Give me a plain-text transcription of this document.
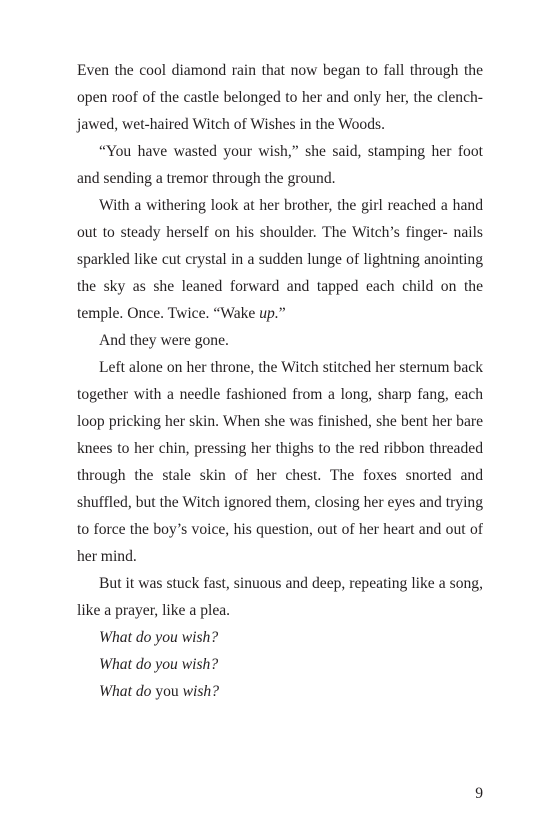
Even the cool diamond rain that now began to fall through the open roof of the castle belonged to her and only her, the clench-jawed, wet-haired Witch of Wishes in the Woods.

“You have wasted your wish,” she said, stamping her foot and sending a tremor through the ground.

With a withering look at her brother, the girl reached a hand out to steady herself on his shoulder. The Witch’s finger- nails sparkled like cut crystal in a sudden lunge of lightning anointing the sky as she leaned forward and tapped each child on the temple. Once. Twice. “Wake up.”

And they were gone.

Left alone on her throne, the Witch stitched her sternum back together with a needle fashioned from a long, sharp fang, each loop pricking her skin. When she was finished, she bent her bare knees to her chin, pressing her thighs to the red ribbon threaded through the stale skin of her chest. The foxes snorted and shuffled, but the Witch ignored them, closing her eyes and trying to force the boy’s voice, his question, out of her heart and out of her mind.

But it was stuck fast, sinuous and deep, repeating like a song, like a prayer, like a plea.

What do you wish?

What do you wish?

What do you wish?

9
